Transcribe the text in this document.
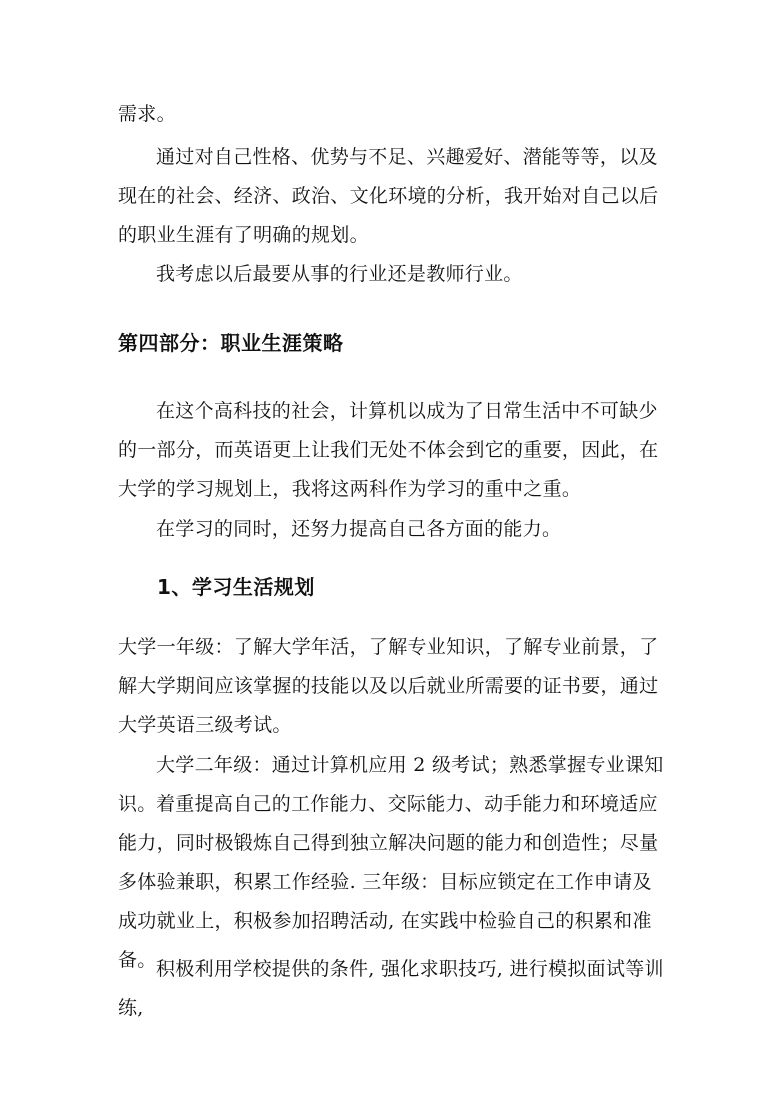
需求。

通过对自己性格、优势与不足、兴趣爱好、潜能等等，以及现在的社会、经济、政治、文化环境的分析，我开始对自己以后的职业生涯有了明确的规划。

我考虑以后最要从事的行业还是教师行业。

第四部分：职业生涯策略

在这个高科技的社会，计算机以成为了日常生活中不可缺少的一部分，而英语更上让我们无处不体会到它的重要，因此，在大学的学习规划上，我将这两科作为学习的重中之重。

在学习的同时，还努力提高自己各方面的能力。

1、学习生活规划

大学一年级：了解大学年活，了解专业知识，了解专业前景，了解大学期间应该掌握的技能以及以后就业所需要的证书要，通过大学英语三级考试。

大学二年级：通过计算机应用 2 级考试；熟悉掌握专业课知识。 着重提高自己的工作能力、交际能力、动手能力和环境适应能力，同时极锻炼自己得到独立解决问题的能力和创造性；尽量多体验兼职，积累工作经验. 三年级：目标应锁定在工作申请及成功就业上，积极参加招聘活动, 在实践中检验自己的积累和准备。 积极利用学校提供的条件, 强化求职技巧, 进行模拟面试等训练,
